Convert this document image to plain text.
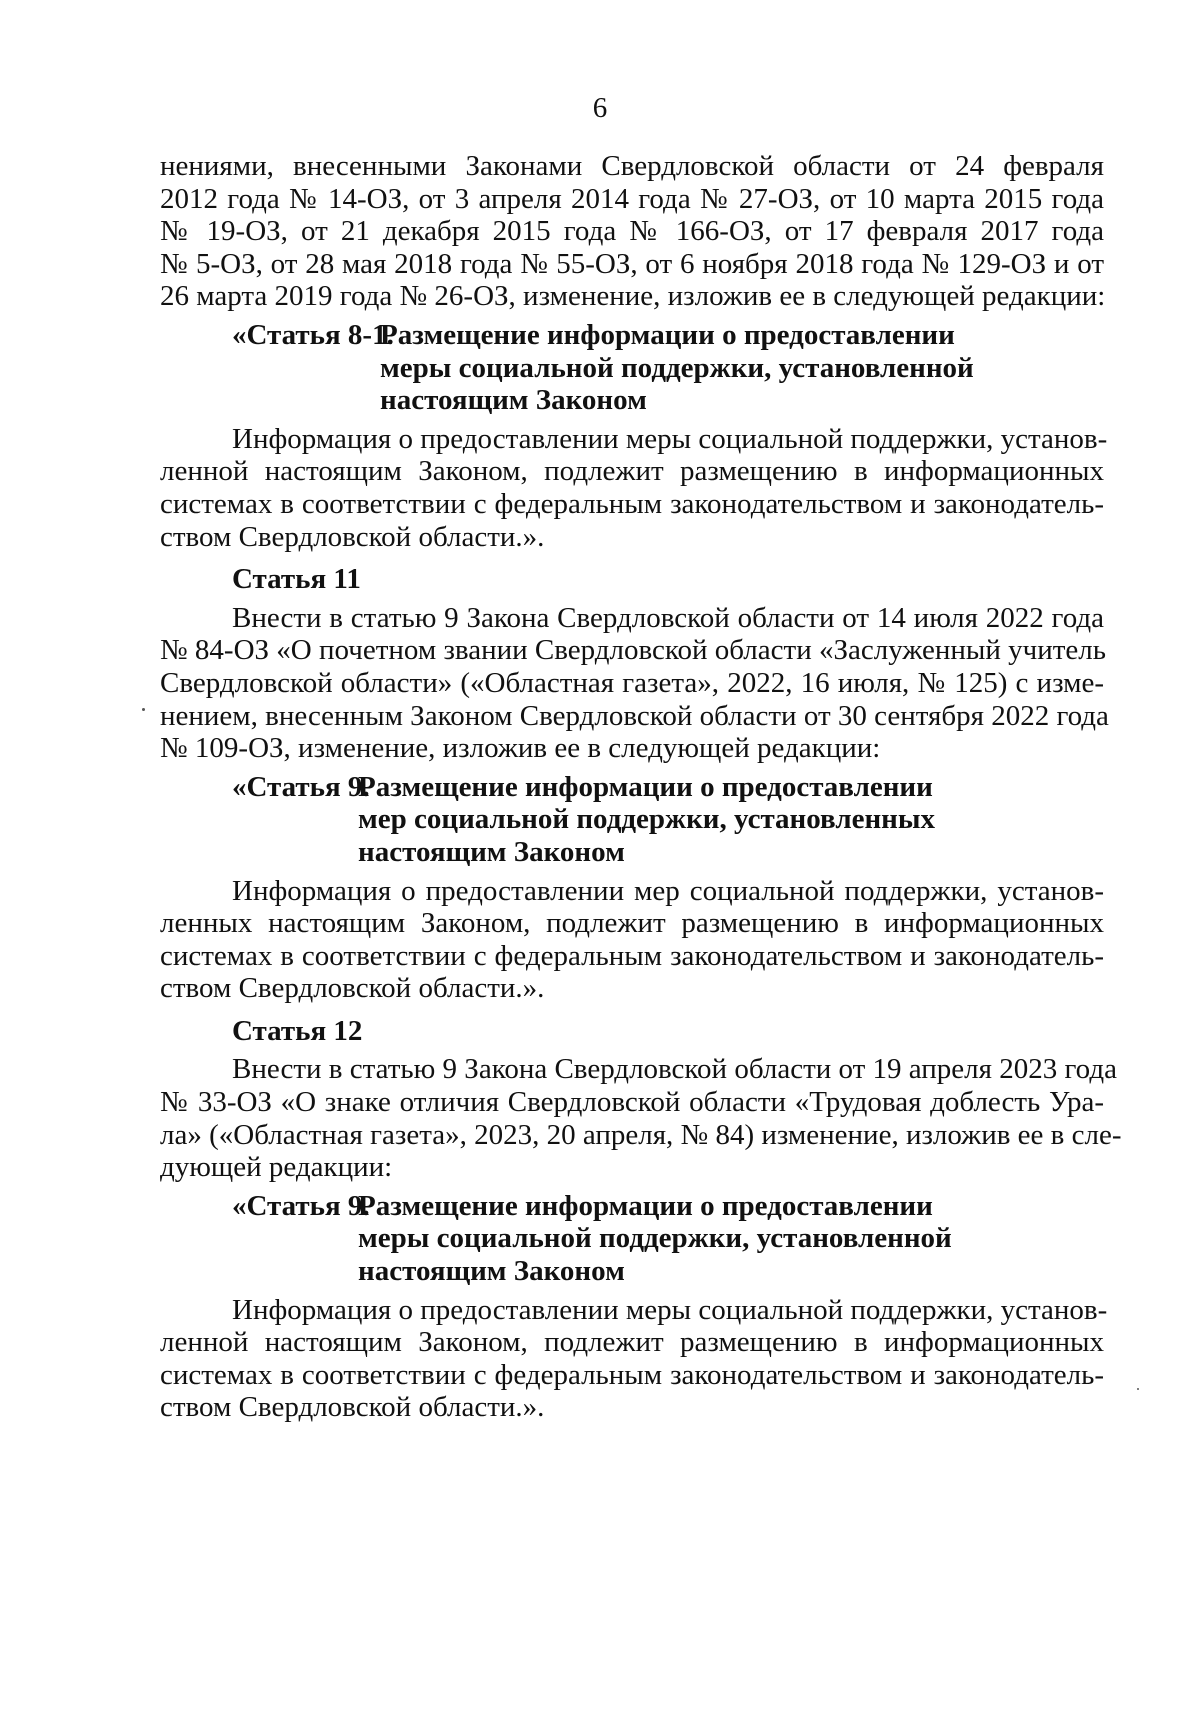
6
нениями, внесенными Законами Свердловской области от 24 февраля
2012 года № 14-ОЗ, от 3 апреля 2014 года № 27-ОЗ, от 10 марта 2015 года
№ 19-ОЗ, от 21 декабря 2015 года № 166-ОЗ, от 17 февраля 2017 года
№ 5-ОЗ, от 28 мая 2018 года № 55-ОЗ, от 6 ноября 2018 года № 129-ОЗ и от
26 марта 2019 года № 26-ОЗ, изменение, изложив ее в следующей редакции:
«Статья 8-1.
Размещение информации о предоставлении
меры социальной поддержки, установленной
настоящим Законом
Информация о предоставлении меры социальной поддержки, установ-
ленной настоящим Законом, подлежит размещению в информационных
системах в соответствии с федеральным законодательством и законодатель-
ством Свердловской области.».
Статья 11
Внести в статью 9 Закона Свердловской области от 14 июля 2022 года
№ 84-ОЗ «О почетном звании Свердловской области «Заслуженный учитель
Свердловской области» («Областная газета», 2022, 16 июля, № 125) с изме-
нением, внесенным Законом Свердловской области от 30 сентября 2022 года
№ 109-ОЗ, изменение, изложив ее в следующей редакции:
«Статья 9.
Размещение информации о предоставлении
мер социальной поддержки, установленных
настоящим Законом
Информация о предоставлении мер социальной поддержки, установ-
ленных настоящим Законом, подлежит размещению в информационных
системах в соответствии с федеральным законодательством и законодатель-
ством Свердловской области.».
Статья 12
Внести в статью 9 Закона Свердловской области от 19 апреля 2023 года
№ 33-ОЗ «О знаке отличия Свердловской области «Трудовая доблесть Ура-
ла» («Областная газета», 2023, 20 апреля, № 84) изменение, изложив ее в сле-
дующей редакции:
«Статья 9.
Размещение информации о предоставлении
меры социальной поддержки, установленной
настоящим Законом
Информация о предоставлении меры социальной поддержки, установ-
ленной настоящим Законом, подлежит размещению в информационных
системах в соответствии с федеральным законодательством и законодатель-
ством Свердловской области.».
